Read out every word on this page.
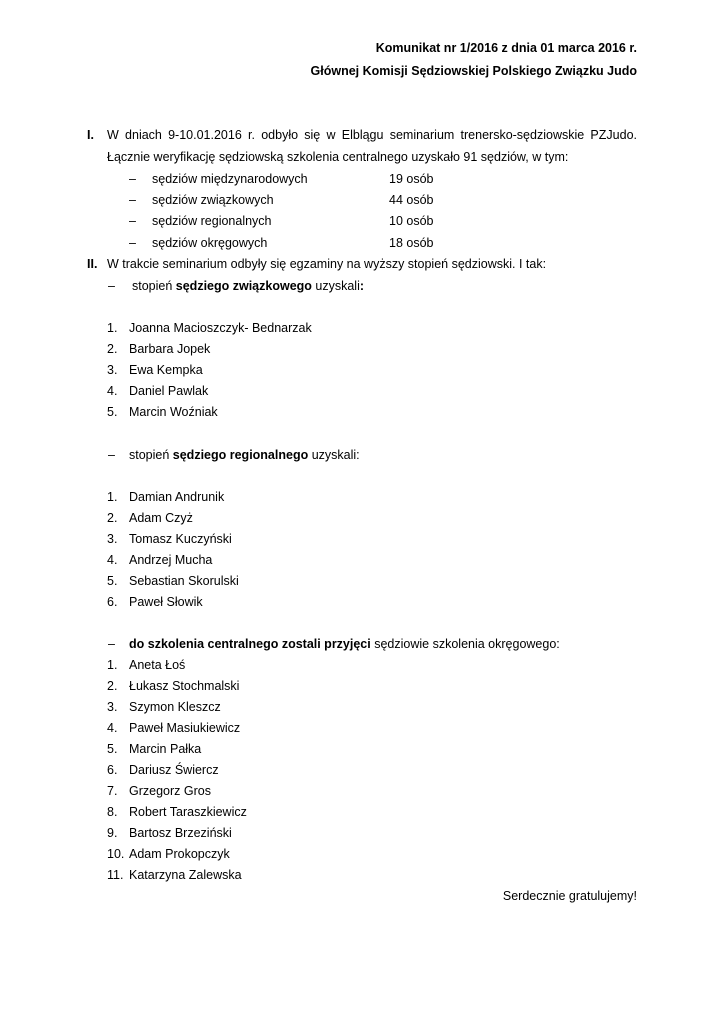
Komunikat nr 1/2016 z dnia 01 marca 2016 r.
Głównej Komisji Sędziowskiej Polskiego Związku Judo
I. W dniach 9-10.01.2016 r. odbyło się w Elblągu seminarium trenersko-sędziowskie PZJudo.
Łącznie weryfikację sędziowską szkolenia centralnego uzyskało 91 sędziów, w tym:
– sędziów międzynarodowych	19 osób
– sędziów związkowych	44 osób
– sędziów regionalnych	10 osób
– sędziów okręgowych	18 osób
II. W trakcie seminarium odbyły się egzaminy na wyższy stopień sędziowski. I tak:
– stopień sędziego związkowego uzyskali:
1. Joanna Macioszczyk- Bednarzak
2. Barbara Jopek
3. Ewa Kempka
4. Daniel Pawlak
5. Marcin Woźniak
– stopień sędziego regionalnego uzyskali:
1. Damian Andrunik
2. Adam Czyż
3. Tomasz Kuczyński
4. Andrzej Mucha
5. Sebastian Skorulski
6. Paweł Słowik
– do szkolenia centralnego zostali przyjęci sędziowie szkolenia okręgowego:
1. Aneta Łoś
2. Łukasz Stochmalski
3. Szymon Kleszcz
4. Paweł Masiukiewicz
5. Marcin Pałka
6. Dariusz Świercz
7. Grzegorz Gros
8. Robert Taraszkiewicz
9. Bartosz Brzeziński
10. Adam Prokopczyk
11. Katarzyna Zalewska
Serdecznie gratulujemy!
